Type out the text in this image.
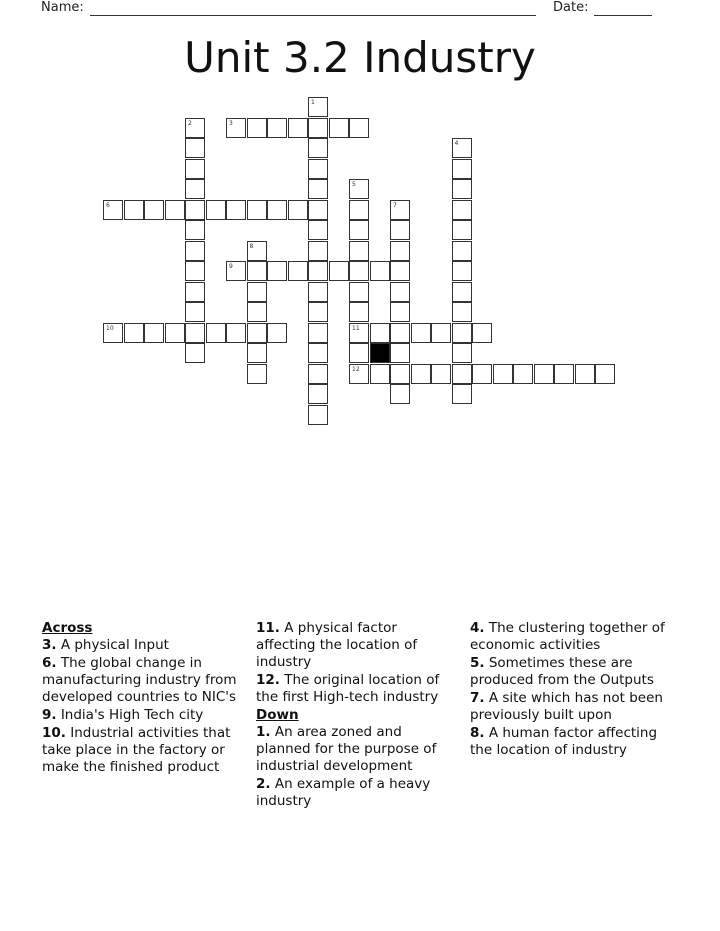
Name:	Date:
Unit 3.2 Industry
1
2	3
4
5
11
12
6	7
8
9
10
Across
3. A physical Input
6. The global change in manufacturing industry from developed countries to NIC's
9. India's High Tech city
10. Industrial activities that take place in the factory or make the finished product
11. A physical factor affecting the location of industry
12. The original location of the first High-tech industry
Down
1. An area zoned and planned for the purpose of industrial development
2. An example of a heavy industry
4. The clustering together of economic activities
5. Sometimes these are produced from the Outputs
7. A site which has not been previously built upon
8. A human factor affecting the location of industry
